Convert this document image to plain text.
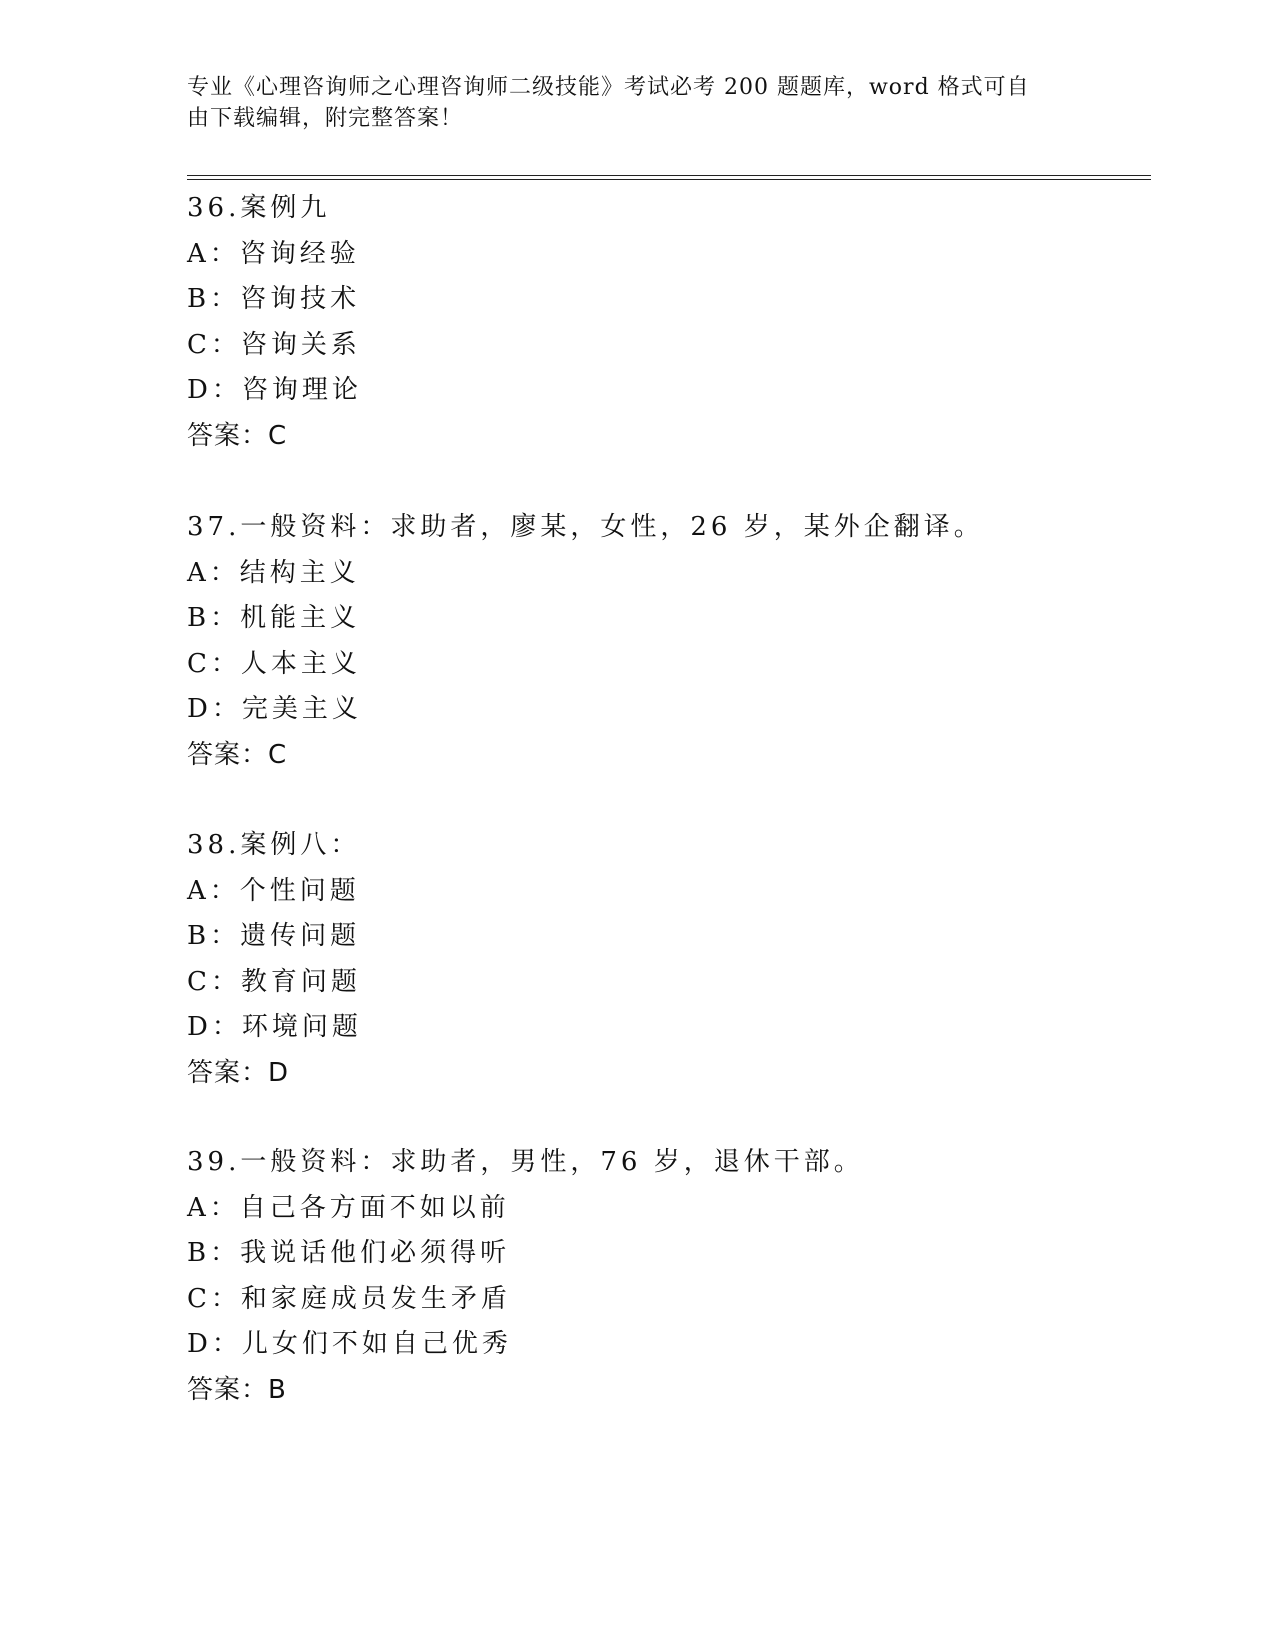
专业《心理咨询师之心理咨询师二级技能》考试必考 200 题题库，word 格式可自
由下载编辑，附完整答案！
36.案例九
A：咨询经验
B：咨询技术
C：咨询关系
D：咨询理论
答案：C
37.一般资料：求助者，廖某，女性，26 岁，某外企翻译。
A：结构主义
B：机能主义
C：人本主义
D：完美主义
答案：C
38.案例八：
A：个性问题
B：遗传问题
C：教育问题
D：环境问题
答案：D
39.一般资料：求助者，男性，76 岁，退休干部。
A：自己各方面不如以前
B：我说话他们必须得听
C：和家庭成员发生矛盾
D：儿女们不如自己优秀
答案：B
